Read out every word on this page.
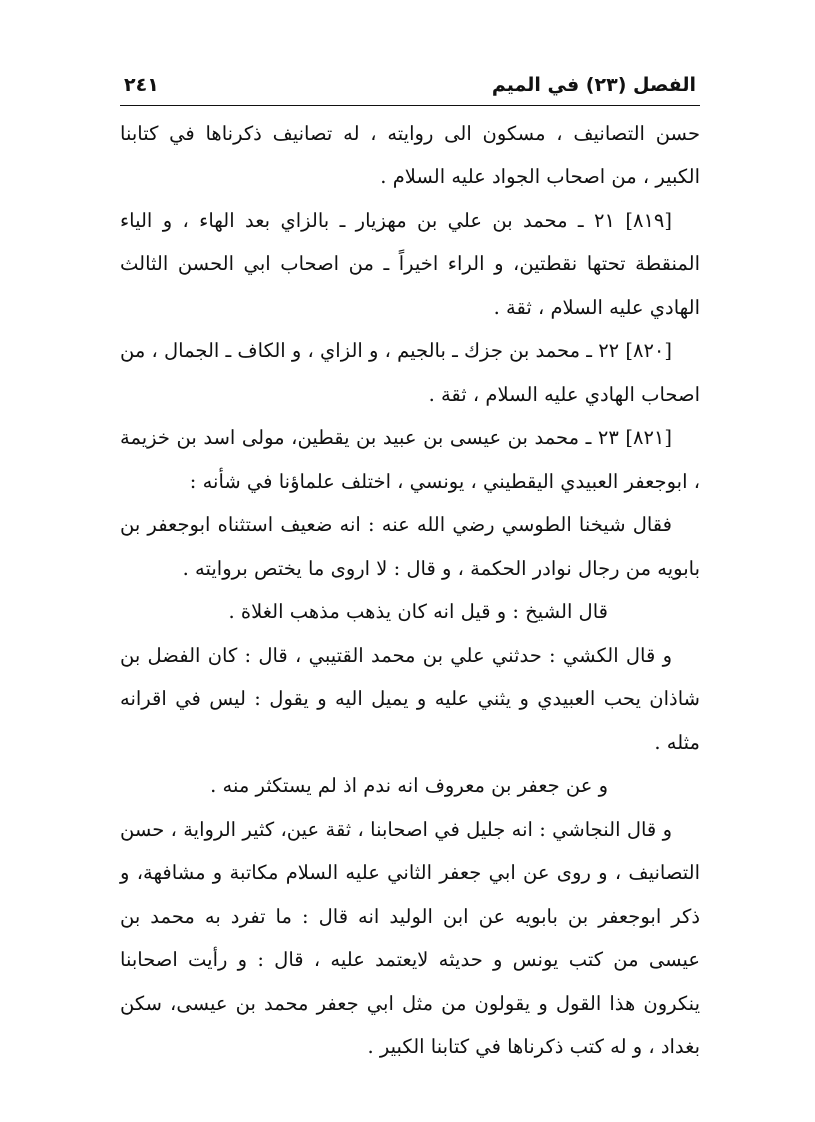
الفصل (٢٣) في الميم
٢٤١

حسن التصانيف ، مسكون الى روايته ، له تصانيف ذكرناها في كتابنا الكبير ، من اصحاب الجواد عليه السلام .

[٨١٩] ٢١ ـ محمد بن علي بن مهزيار ـ بالزاي بعد الهاء ، و الياء المنقطة تحتها نقطتين، و الراء اخيراً ـ من اصحاب ابي الحسن الثالث الهادي عليه السلام ، ثقة .

[٨٢٠] ٢٢ ـ محمد بن جزك ـ بالجيم ، و الزاي ، و الكاف ـ الجمال ، من اصحاب الهادي عليه السلام ، ثقة .

[٨٢١] ٢٣ ـ محمد بن عيسى بن عبيد بن يقطين، مولى اسد بن خزيمة ، ابوجعفر العبيدي اليقطيني ، يونسي ، اختلف علماؤنا في شأنه :

فقال شيخنا الطوسي رضي الله عنه : انه ضعيف استثناه ابوجعفر بن بابويه من رجال نوادر الحكمة ، و قال : لا اروى ما يختص بروايته .

قال الشيخ : و قيل انه كان يذهب مذهب الغلاة .

و قال الكشي : حدثني علي بن محمد القتيبي ، قال : كان الفضل بن شاذان يحب العبيدي و يثني عليه و يميل اليه و يقول : ليس في اقرانه مثله .

و عن جعفر بن معروف انه ندم اذ لم يستكثر منه .

و قال النجاشي : انه جليل في اصحابنا ، ثقة عين، كثير الرواية ، حسن التصانيف ، و روى عن ابي جعفر الثاني عليه السلام مكاتبة و مشافهة، و ذكر ابوجعفر بن بابويه عن ابن الوليد انه قال : ما تفرد به محمد بن عيسى من كتب يونس و حديثه لايعتمد عليه ، قال : و رأيت اصحابنا ينكرون هذا القول و يقولون من مثل ابي جعفر محمد بن عيسى، سكن بغداد ، و له كتب ذكرناها في كتابنا الكبير .
